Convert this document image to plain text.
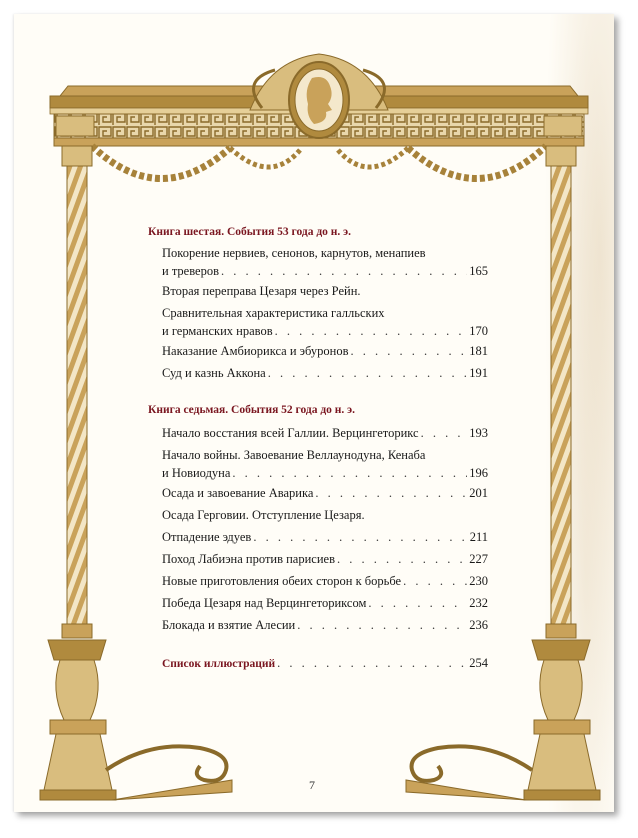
Книга шестая. События 53 года до н. э.
Покорение нервиев, сенонов, карнутов, менапиев
и треверов . . .	165
Вторая переправа Цезаря через Рейн.
Сравнительная характеристика галльских
и германских нравов . . .	170
Наказание Амбиорикса и эбуронов . . .	181
Суд и казнь Аккона . . .	191
Книга седьмая. События 52 года до н. э.
Начало восстания всей Галлии. Верцингеторикс . . .	193
Начало войны. Завоевание Веллаунодуна, Кенаба
и Новиодуна . . .	196
Осада и завоевание Аварика . . .	201
Осада Герговии. Отступление Цезаря.
Отпадение эдуев . . .	211
Поход Лабиэна против парисиев . . .	227
Новые приготовления обеих сторон к борьбе . . .	230
Победа Цезаря над Верцингеториксом . . .	232
Блокада и взятие Алесии . . .	236
Список иллюстраций . . .	254
7
